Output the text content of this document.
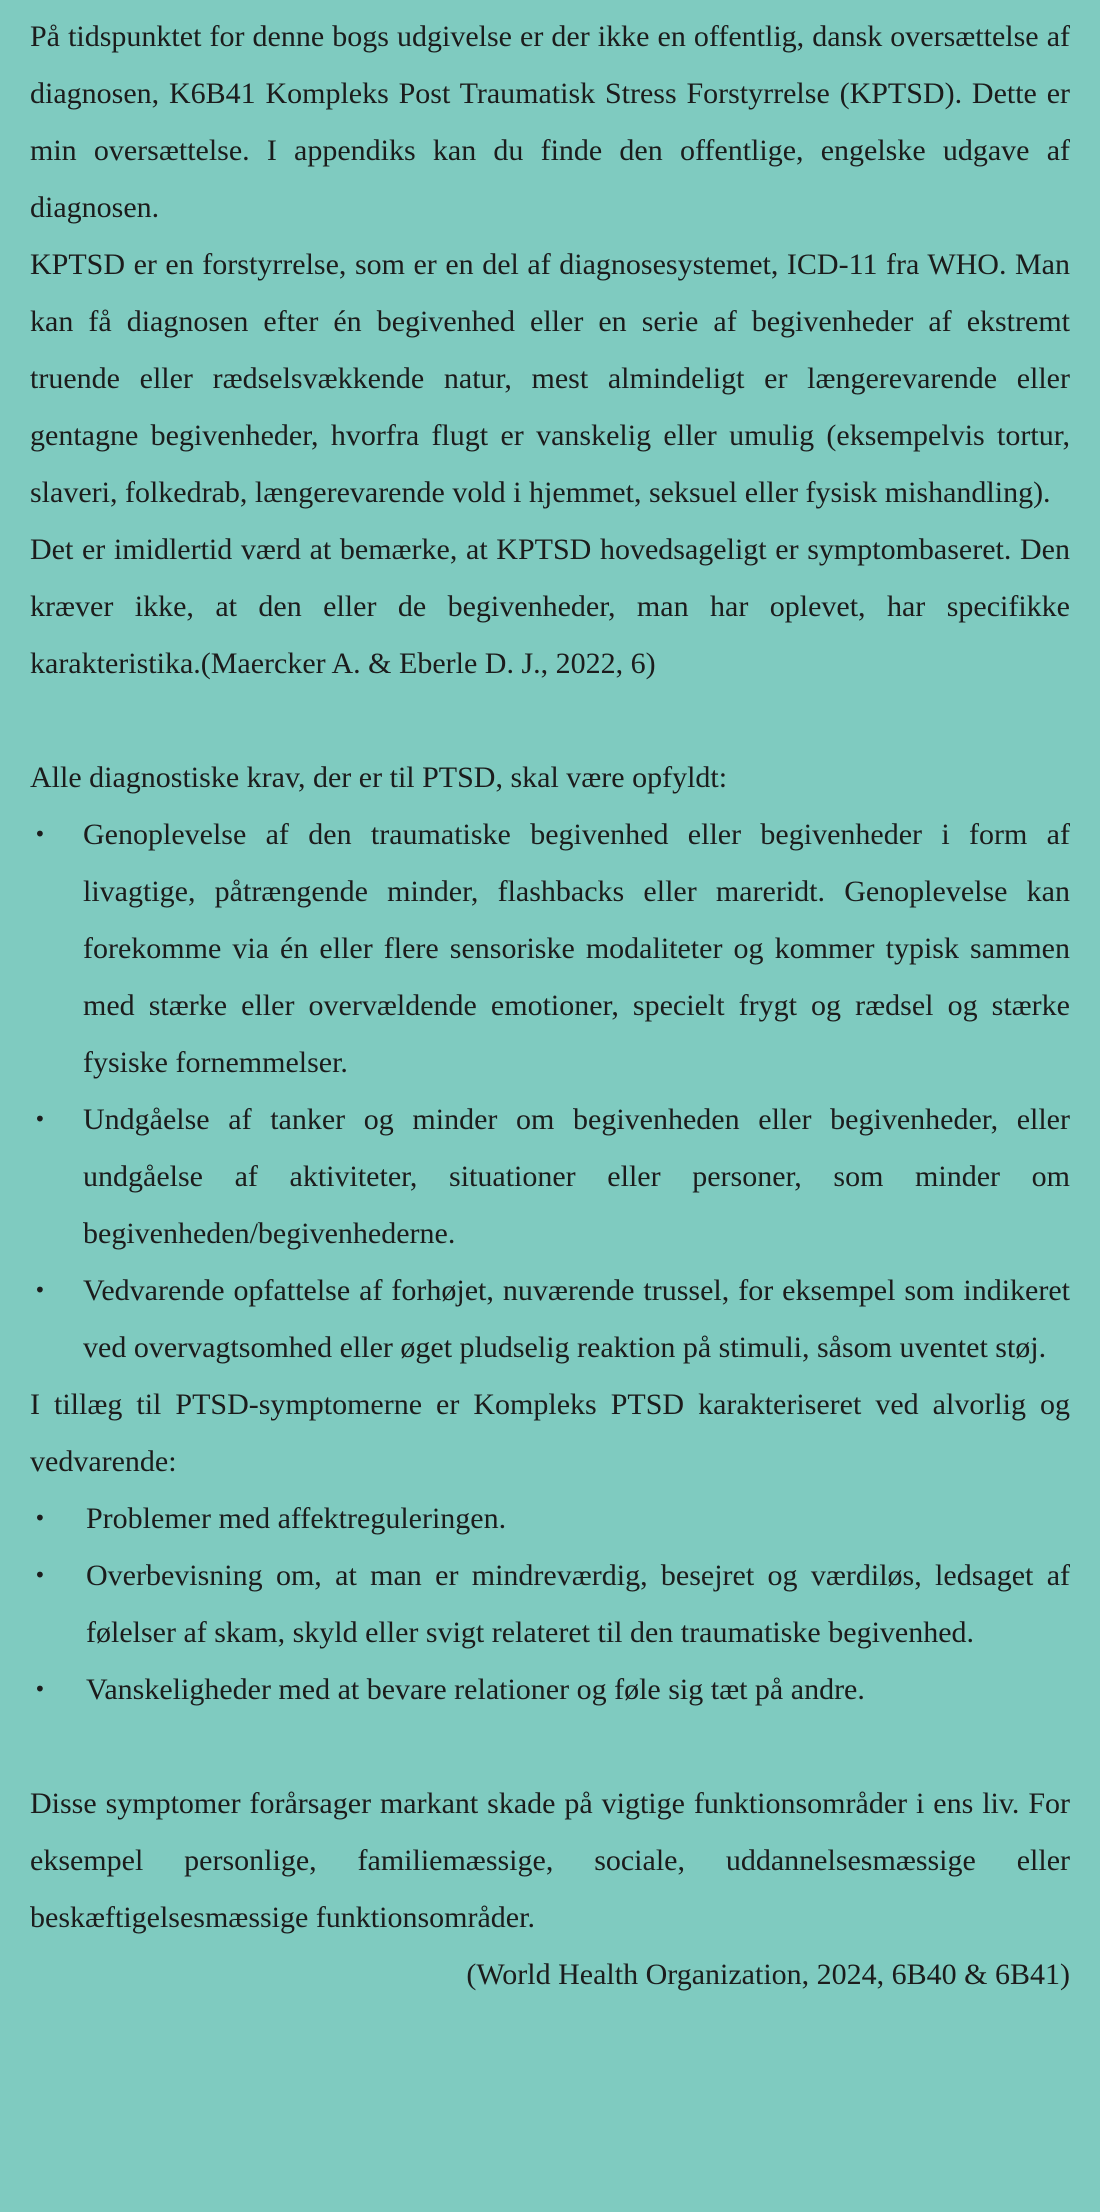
På tidspunktet for denne bogs udgivelse er der ikke en offentlig, dansk oversættelse af diagnosen, K6B41 Kompleks Post Traumatisk Stress Forstyrrelse (KPTSD). Dette er min oversættelse. I appendiks kan du finde den offentlige, engelske udgave af diagnosen.

KPTSD er en forstyrrelse, som er en del af diagnosesystemet, ICD-11 fra WHO. Man kan få diagnosen efter én begivenhed eller en serie af begivenheder af ekstremt truende eller rædselsvækkende natur, mest almindeligt er længerevarende eller gentagne begivenheder, hvorfra flugt er vanskelig eller umulig (eksempelvis tortur, slaveri, folkedrab, længerevarende vold i hjemmet, seksuel eller fysisk mishandling).

Det er imidlertid værd at bemærke, at KPTSD hovedsageligt er symptombaseret. Den kræver ikke, at den eller de begivenheder, man har oplevet, har specifikke karakteristika.(Maercker A. & Eberle D. J., 2022, 6)

Alle diagnostiske krav, der er til PTSD, skal være opfyldt:

• Genoplevelse af den traumatiske begivenhed eller begivenheder i form af livagtige, påtrængende minder, flashbacks eller mareridt. Genoplevelse kan forekomme via én eller flere sensoriske modaliteter og kommer typisk sammen med stærke eller overvældende emotioner, specielt frygt og rædsel og stærke fysiske fornemmelser.
• Undgåelse af tanker og minder om begivenheden eller begivenheder, eller undgåelse af aktiviteter, situationer eller personer, som minder om begivenheden/begivenhederne.
• Vedvarende opfattelse af forhøjet, nuværende trussel, for eksempel som indikeret ved overvagtsomhed eller øget pludselig reaktion på stimuli, såsom uventet støj.

I tillæg til PTSD-symptomerne er Kompleks PTSD karakteriseret ved alvorlig og vedvarende:

• Problemer med affektreguleringen.
• Overbevisning om, at man er mindreværdig, besejret og værdiløs, ledsaget af følelser af skam, skyld eller svigt relateret til den traumatiske begivenhed.
• Vanskeligheder med at bevare relationer og føle sig tæt på andre.

Disse symptomer forårsager markant skade på vigtige funktionsområder i ens liv. For eksempel personlige, familiemæssige, sociale, uddannelsesmæssige eller beskæftigelsesmæssige funktionsområder.

(World Health Organization, 2024, 6B40 & 6B41)
